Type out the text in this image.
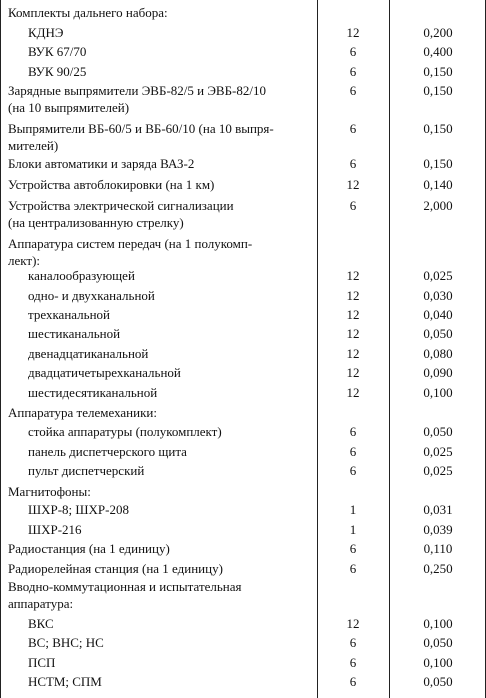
Комплекты дальнего набора:
КДНЭ	12	0,200
ВУК 67/70	6	0,400
ВУК 90/25	6	0,150
Зарядные выпрямители ЭВБ-82/5 и ЭВБ-82/10
(на 10 выпрямителей)
6	0,150
Выпрямители ВБ-60/5 и ВБ-60/10 (на 10 выпря-
мителей)
6	0,150
Блоки автоматики и заряда ВАЗ-2	6	0,150
Устройства автоблокировки (на 1 км)	12	0,140
Устройства электрической сигнализации
(на централизованную стрелку)
6	2,000
Аппаратура систем передач (на 1 полукомп-
лект):
каналообразующей	12	0,025
одно- и двухканальной	12	0,030
трехканальной	12	0,040
шестиканальной	12	0,050
двенадцатиканальной	12	0,080
двадцатичетырехканальной	12	0,090
шестидесятиканальной	12	0,100
Аппаратура телемеханики:
стойка аппаратуры (полукомплект)	6	0,050
панель диспетчерского щита	6	0,025
пульт диспетчерский	6	0,025
Магнитофоны:
ШХР-8; ШХР-208	1	0,031
ШХР-216	1	0,039
Радиостанция (на 1 единицу)	6	0,110
Радиорелейная станция (на 1 единицу)	6	0,250
Вводно-коммутационная и испытательная
аппаратура:
ВКС	12	0,100
ВС; ВНС; НС	6	0,050
ПСП	6	0,100
НСТМ; СПМ	6	0,050
